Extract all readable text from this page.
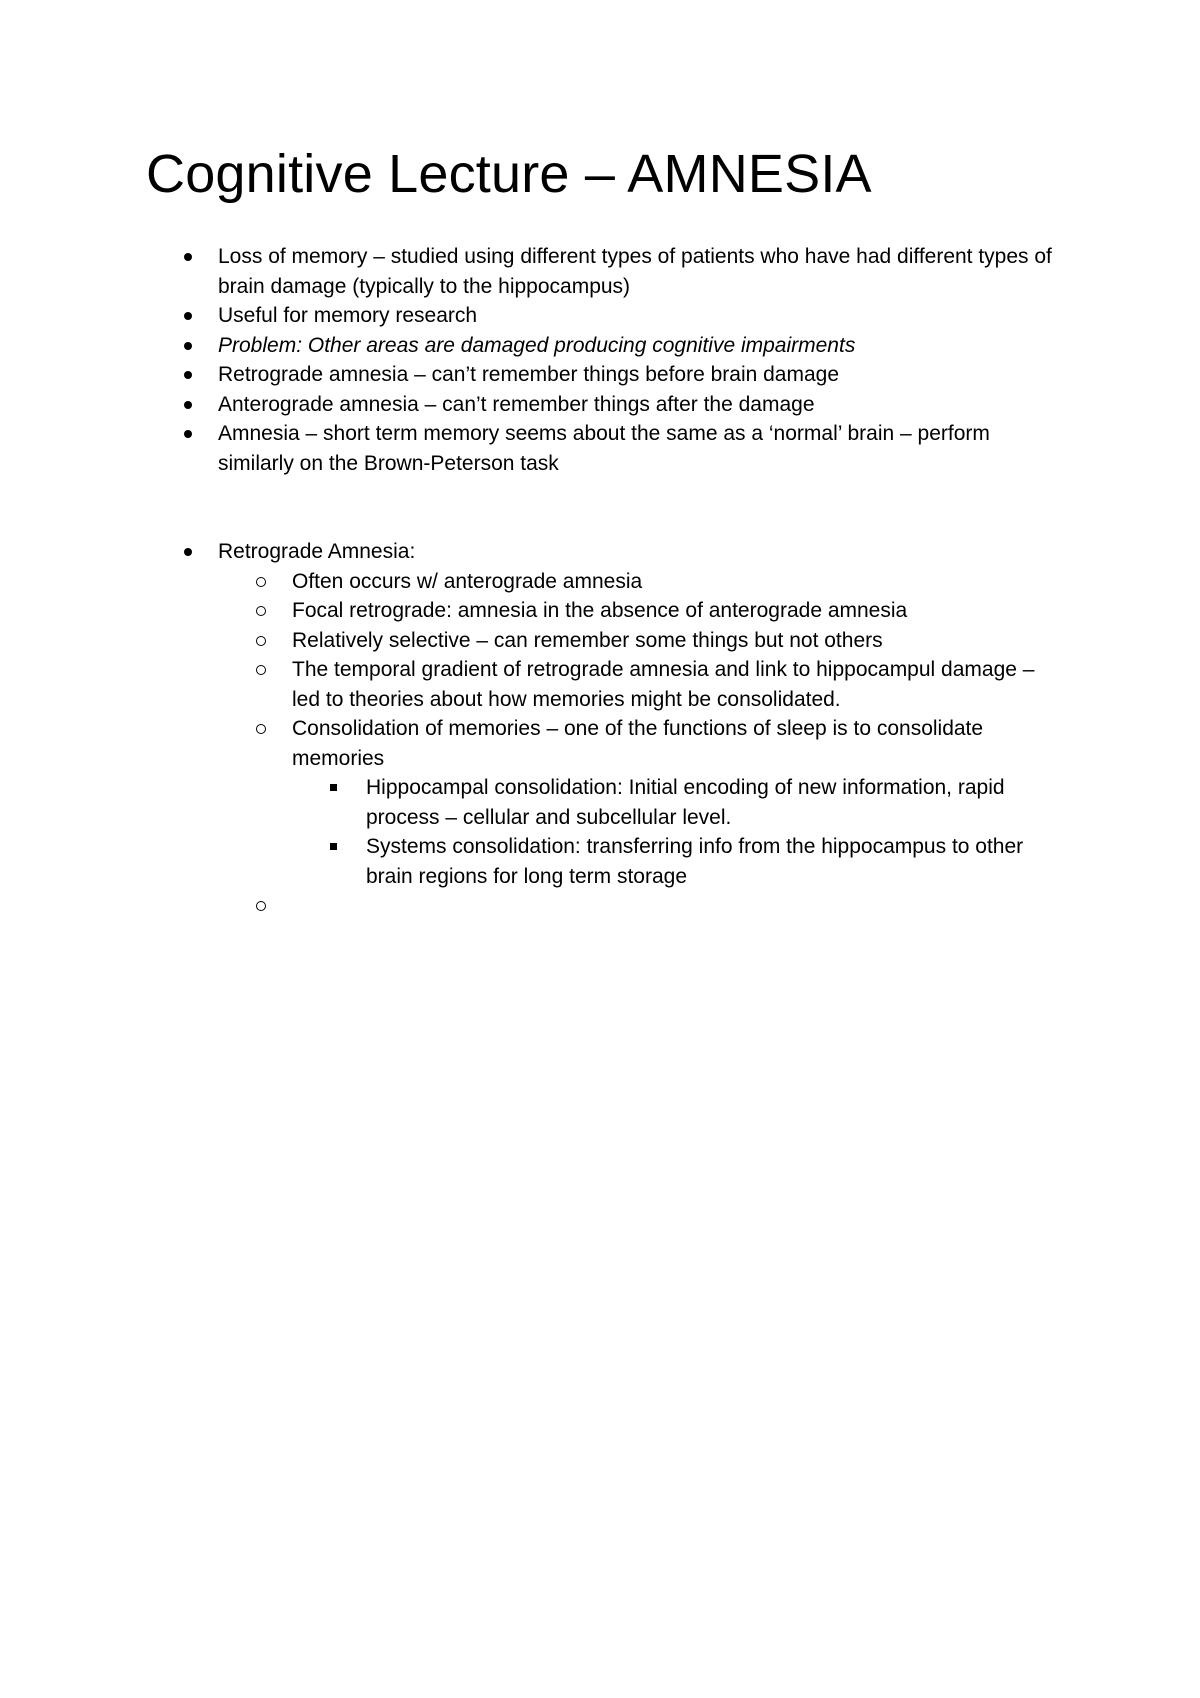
Cognitive Lecture – AMNESIA
Loss of memory – studied using different types of patients who have had different types of brain damage (typically to the hippocampus)
Useful for memory research
Problem: Other areas are damaged producing cognitive impairments
Retrograde amnesia – can’t remember things before brain damage
Anterograde amnesia – can’t remember things after the damage
Amnesia – short term memory seems about the same as a ‘normal’ brain – perform similarly on the Brown-Peterson task
Retrograde Amnesia:
Often occurs w/ anterograde amnesia
Focal retrograde: amnesia in the absence of anterograde amnesia
Relatively selective – can remember some things but not others
The temporal gradient of retrograde amnesia and link to hippocampul damage – led to theories about how memories might be consolidated.
Consolidation of memories – one of the functions of sleep is to consolidate memories
Hippocampal consolidation: Initial encoding of new information, rapid process – cellular and subcellular level.
Systems consolidation: transferring info from the hippocampus to other brain regions for long term storage
